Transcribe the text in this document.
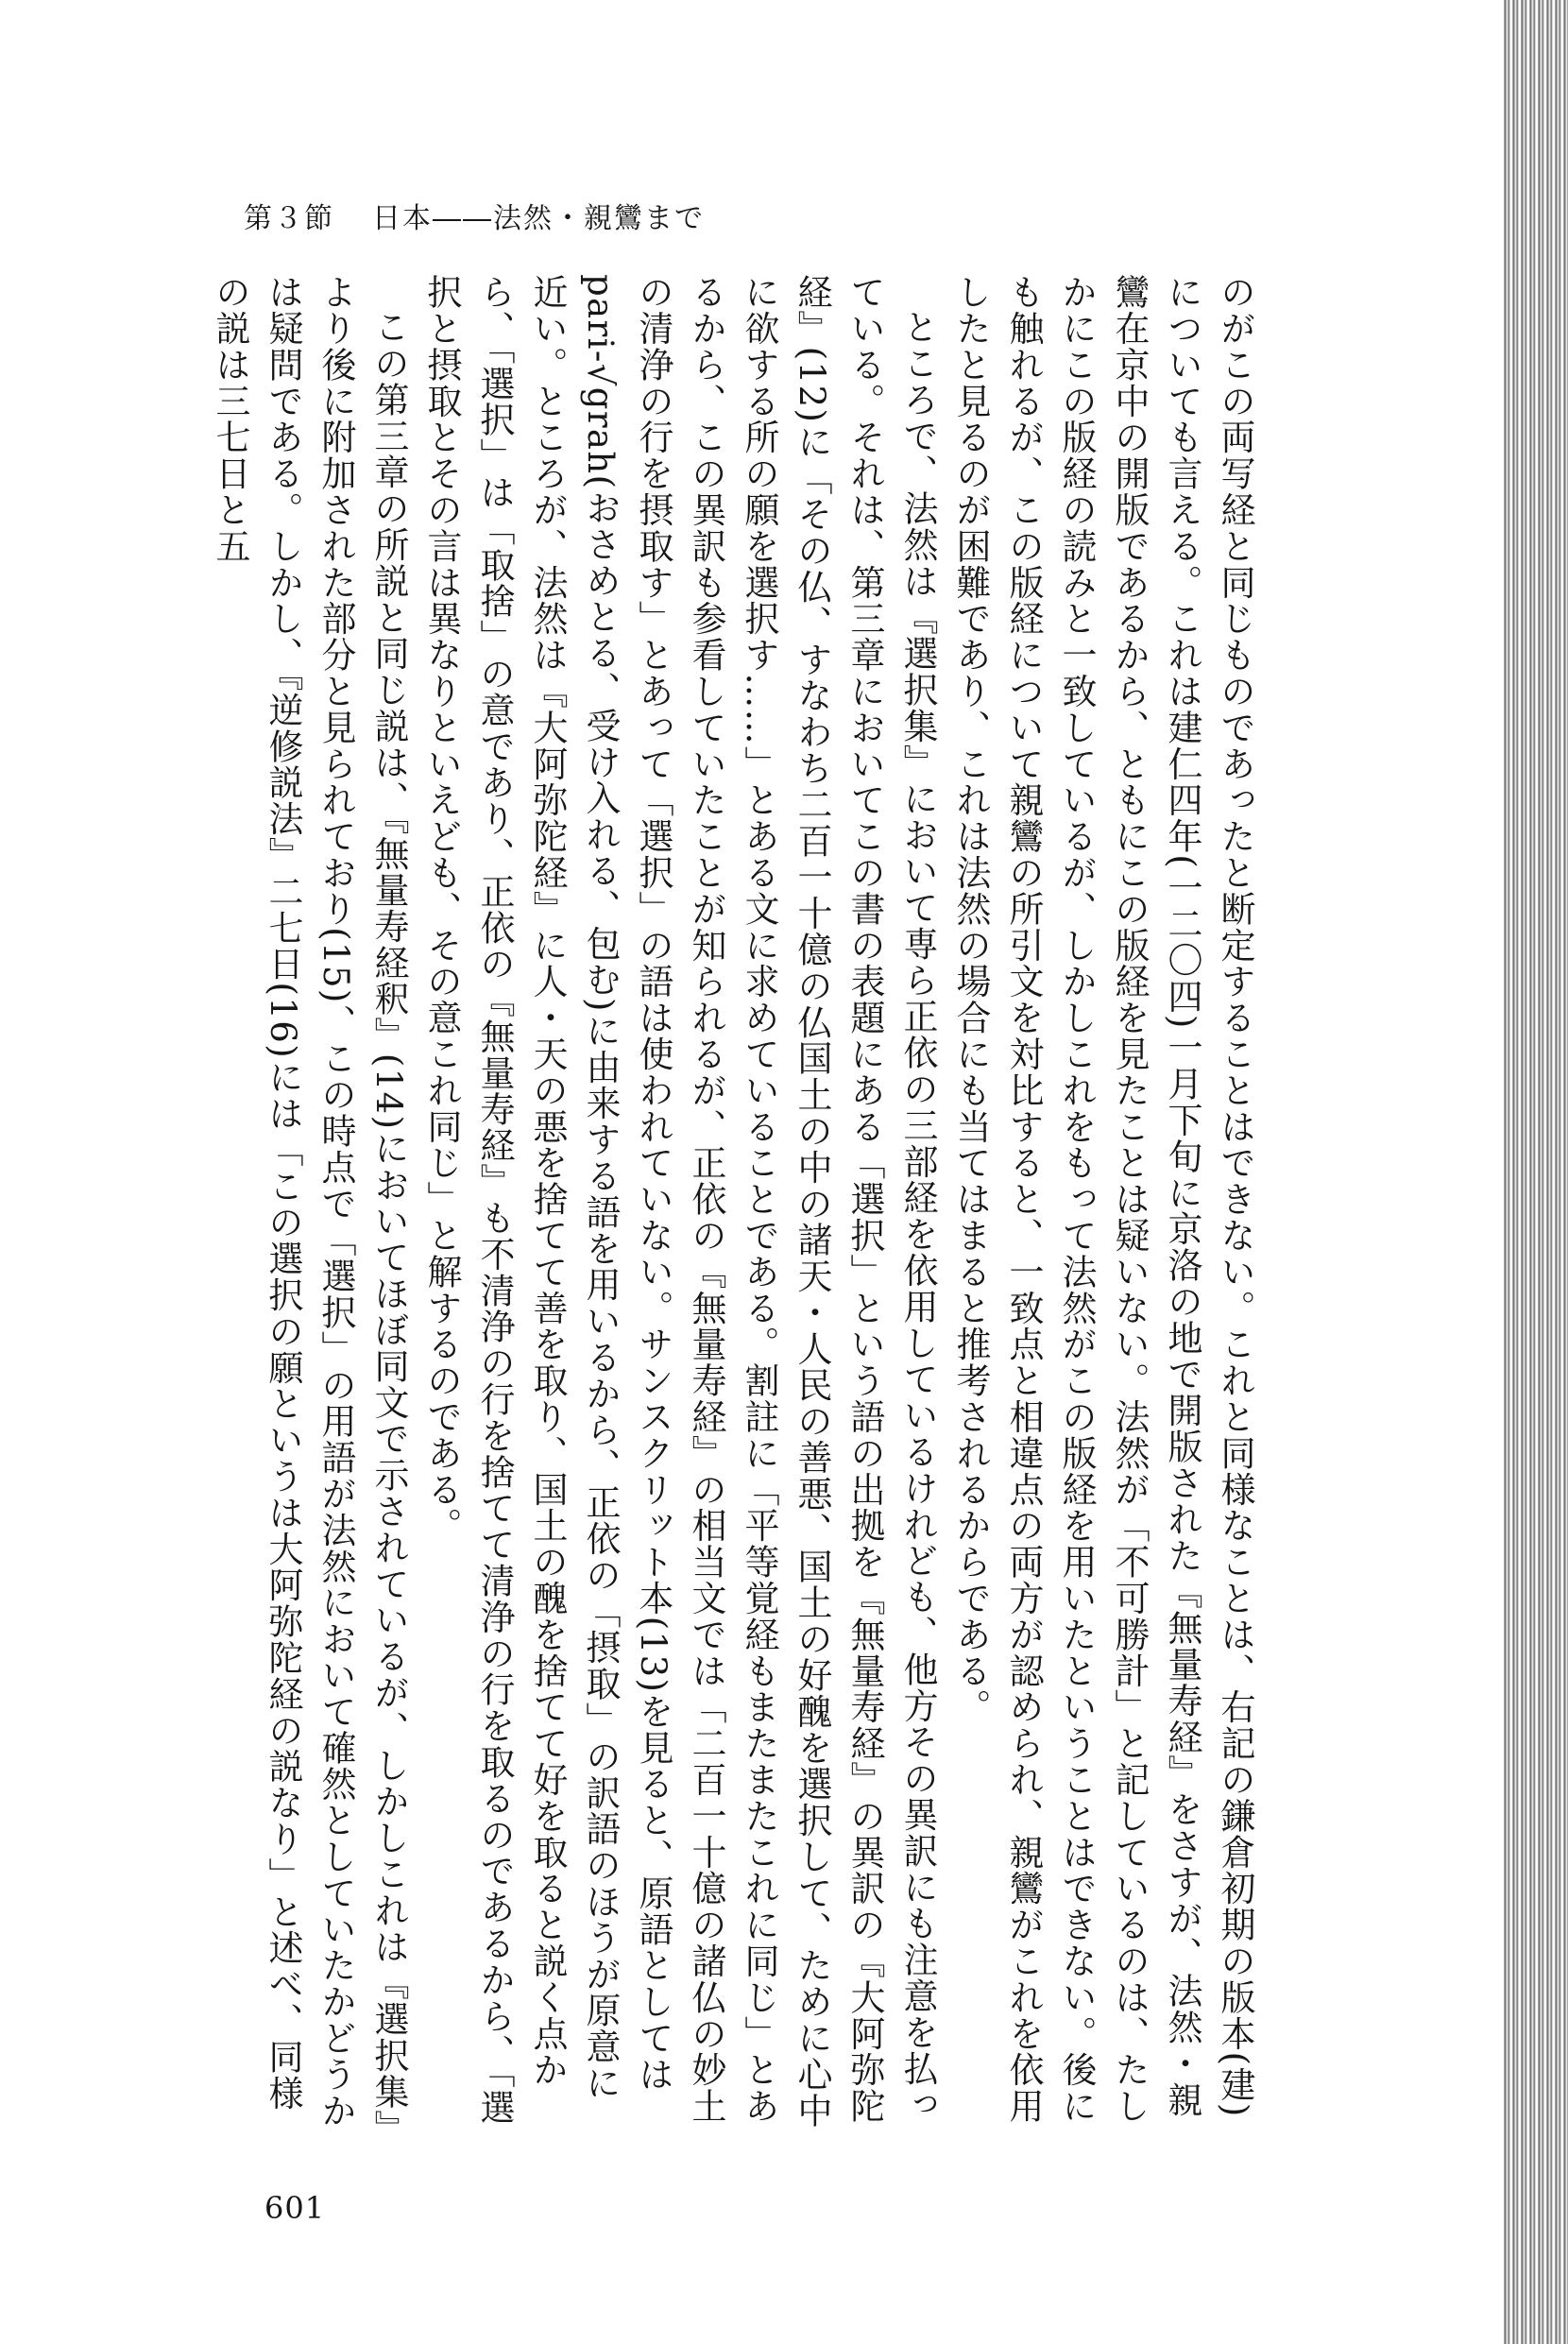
第３節 日本――法然・親鸞まで

のがこの両写経と同じものであったと断定することはできない。これと同様なことは、右記の鎌倉初期の版本(建)についても言える。これは建仁四年(一二〇四)一月下旬に京洛の地で開版された『無量寿経』をさすが、法然・親鸞在京中の開版であるから、ともにこの版経を見たことは疑いない。法然が「不可勝計」と記しているのは、たしかにこの版経の読みと一致しているが、しかしこれをもって法然がこの版経を用いたということはできない。後にも触れるが、この版経について親鸞の所引文を対比すると、一致点と相違点の両方が認められ、親鸞がこれを依用したと見るのが困難であり、これは法然の場合にも当てはまると推考されるからである。

ところで、法然は『選択集』において専ら正依の三部経を依用しているけれども、他方その異訳にも注意を払っている。それは、第三章においてこの書の表題にある「選択」という語の出拠を『無量寿経』の異訳の『大阿弥陀経』(12)に「その仏、すなわち二百一十億の仏国土の中の諸天・人民の善悪、国土の好醜を選択して、ために心中に欲する所の願を選択す……」とある文に求めていることである。割註に「平等覚経もまたまたこれに同じ」とあるから、この異訳も参看していたことが知られるが、正依の『無量寿経』の相当文では「二百一十億の諸仏の妙土の清浄の行を摂取す」とあって「選択」の語は使われていない。サンスクリット本(13)を見ると、原語としてはpari-√grah(おさめとる、受け入れる、包む)に由来する語を用いるから、正依の「摂取」の訳語のほうが原意に近い。ところが、法然は『大阿弥陀経』に人・天の悪を捨てて善を取り、国土の醜を捨てて好を取ると説く点から、「選択」は「取捨」の意であり、正依の『無量寿経』も不清浄の行を捨てて清浄の行を取るのであるから、「選択と摂取とその言は異なりといえども、その意これ同じ」と解するのである。

この第三章の所説と同じ説は、『無量寿経釈』(14)においてほぼ同文で示されているが、しかしこれは『選択集』より後に附加された部分と見られており(15)、この時点で「選択」の用語が法然において確然としていたかどうかは疑問である。しかし、『逆修説法』二七日(16)には「この選択の願というは大阿弥陀経の説なり」と述べ、同様の説は三七日と五

601
